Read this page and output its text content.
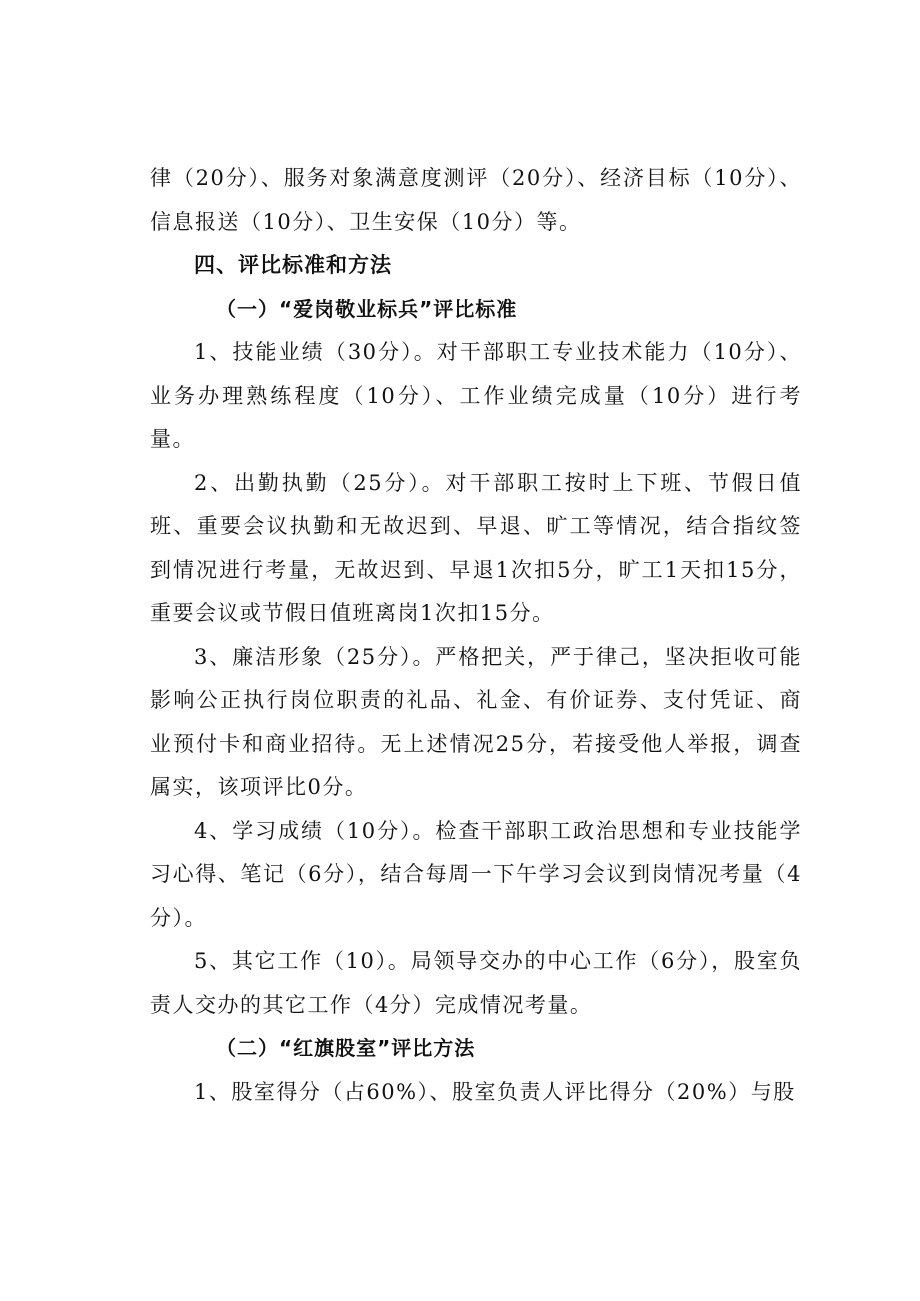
律（20分）、服务对象满意度测评（20分）、经济目标（10分）、信息报送（10分）、卫生安保（10分）等。

四、评比标准和方法

（一）“爱岗敬业标兵”评比标准

1、技能业绩（30分）。对干部职工专业技术能力（10分）、业务办理熟练程度（10分）、工作业绩完成量（10分）进行考量。

2、出勤执勤（25分）。对干部职工按时上下班、节假日值班、重要会议执勤和无故迟到、早退、旷工等情况，结合指纹签到情况进行考量，无故迟到、早退1次扣5分，旷工1天扣15分，重要会议或节假日值班离岗1次扣15分。

3、廉洁形象（25分）。严格把关，严于律己，坚决拒收可能影响公正执行岗位职责的礼品、礼金、有价证券、支付凭证、商业预付卡和商业招待。无上述情况25分，若接受他人举报，调查属实，该项评比0分。

4、学习成绩（10分）。检查干部职工政治思想和专业技能学习心得、笔记（6分），结合每周一下午学习会议到岗情况考量（4分）。

5、其它工作（10）。局领导交办的中心工作（6分），股室负责人交办的其它工作（4分）完成情况考量。

（二）“红旗股室”评比方法

1、股室得分（占60%）、股室负责人评比得分（20%）与股
